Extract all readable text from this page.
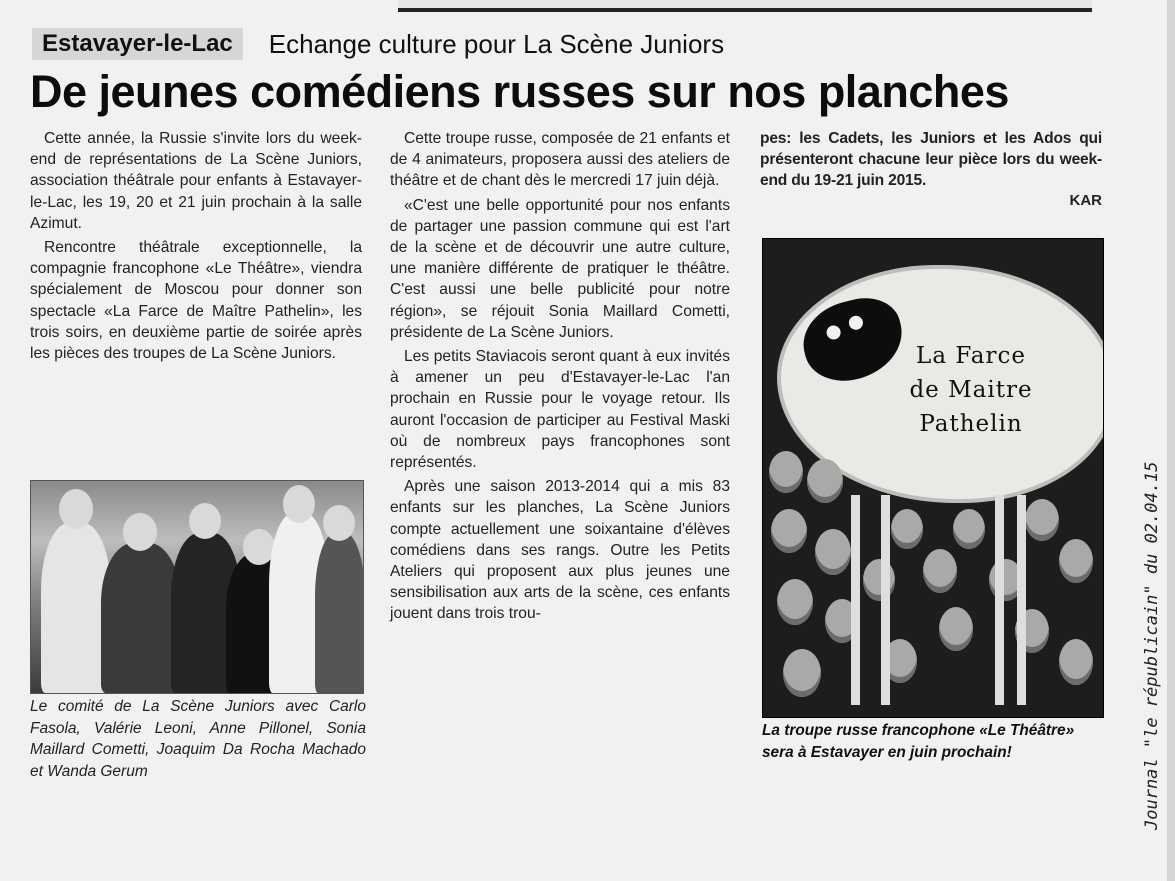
Estavayer-le-Lac	Echange culture pour La Scène Juniors
De jeunes comédiens russes sur nos planches

Cette année, la Russie s'invite lors du week-end de représentations de La Scène Juniors, association théâtrale pour enfants à Estavayer-le-Lac, les 19, 20 et 21 juin prochain à la salle Azimut.

Rencontre théâtrale exceptionnelle, la compagnie francophone «Le Théâtre», viendra spécialement de Moscou pour donner son spectacle «La Farce de Maître Pathelin», les trois soirs, en deuxième partie de soirée après les pièces des troupes de La Scène Juniors.

Cette troupe russe, composée de 21 enfants et de 4 animateurs, proposera aussi des ateliers de théâtre et de chant dès le mercredi 17 juin déjà.

«C'est une belle opportunité pour nos enfants de partager une passion commune qui est l'art de la scène et de découvrir une autre culture, une manière différente de pratiquer le théâtre. C'est aussi une belle publicité pour notre région», se réjouit Sonia Maillard Cometti, présidente de La Scène Juniors.

Les petits Staviacois seront quant à eux invités à amener un peu d'Estavayer-le-Lac l'an prochain en Russie pour le voyage retour. Ils auront l'occasion de participer au Festival Maski où de nombreux pays francophones sont représentés.

Après une saison 2013-2014 qui a mis 83 enfants sur les planches, La Scène Juniors compte actuellement une soixantaine d'élèves comédiens dans ses rangs. Outre les Petits Ateliers qui proposent aux plus jeunes une sensibilisation aux arts de la scène, ces enfants jouent dans trois trou-

pes: les Cadets, les Juniors et les Ados qui présenteront chacune leur pièce lors du week-end du 19-21 juin 2015.

KAR
Le comité de La Scène Juniors avec Carlo Fasola, Valérie Leoni, Anne Pillonel, Sonia Maillard Cometti, Joaquim Da Rocha Machado et Wanda Gerum
La Farce
de Maitre
Pathelin
La troupe russe francophone «Le Théâtre» sera à Estavayer en juin prochain!	Journal "le républicain" du 02.04.15
